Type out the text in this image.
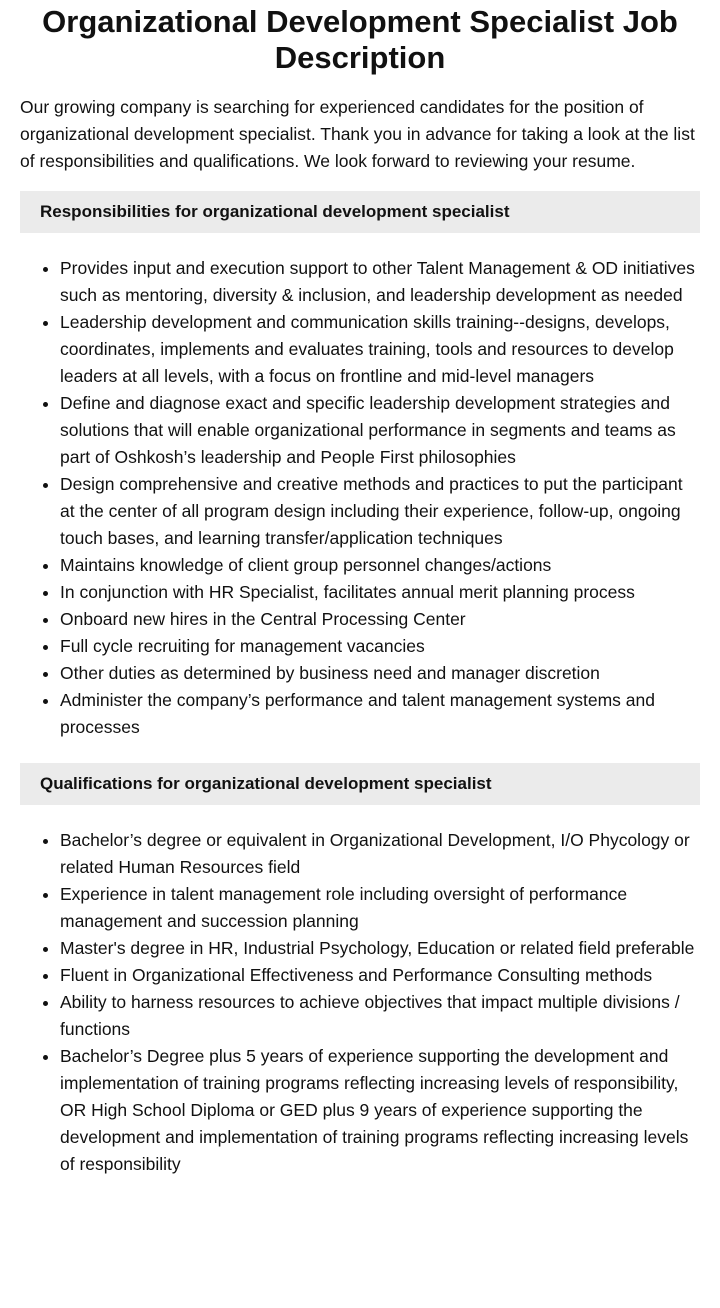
Organizational Development Specialist Job Description

Our growing company is searching for experienced candidates for the position of organizational development specialist. Thank you in advance for taking a look at the list of responsibilities and qualifications. We look forward to reviewing your resume.

Responsibilities for organizational development specialist
• Provides input and execution support to other Talent Management & OD initiatives such as mentoring, diversity & inclusion, and leadership development as needed
• Leadership development and communication skills training--designs, develops, coordinates, implements and evaluates training, tools and resources to develop leaders at all levels, with a focus on frontline and mid-level managers
• Define and diagnose exact and specific leadership development strategies and solutions that will enable organizational performance in segments and teams as part of Oshkosh’s leadership and People First philosophies
• Design comprehensive and creative methods and practices to put the participant at the center of all program design including their experience, follow-up, ongoing touch bases, and learning transfer/application techniques
• Maintains knowledge of client group personnel changes/actions
• In conjunction with HR Specialist, facilitates annual merit planning process
• Onboard new hires in the Central Processing Center
• Full cycle recruiting for management vacancies
• Other duties as determined by business need and manager discretion
• Administer the company’s performance and talent management systems and processes
Qualifications for organizational development specialist
• Bachelor’s degree or equivalent in Organizational Development, I/O Phycology or related Human Resources field
• Experience in talent management role including oversight of performance management and succession planning
• Master's degree in HR, Industrial Psychology, Education or related field preferable
• Fluent in Organizational Effectiveness and Performance Consulting methods
• Ability to harness resources to achieve objectives that impact multiple divisions / functions
• Bachelor’s Degree plus 5 years of experience supporting the development and implementation of training programs reflecting increasing levels of responsibility, OR High School Diploma or GED plus 9 years of experience supporting the development and implementation of training programs reflecting increasing levels of responsibility
